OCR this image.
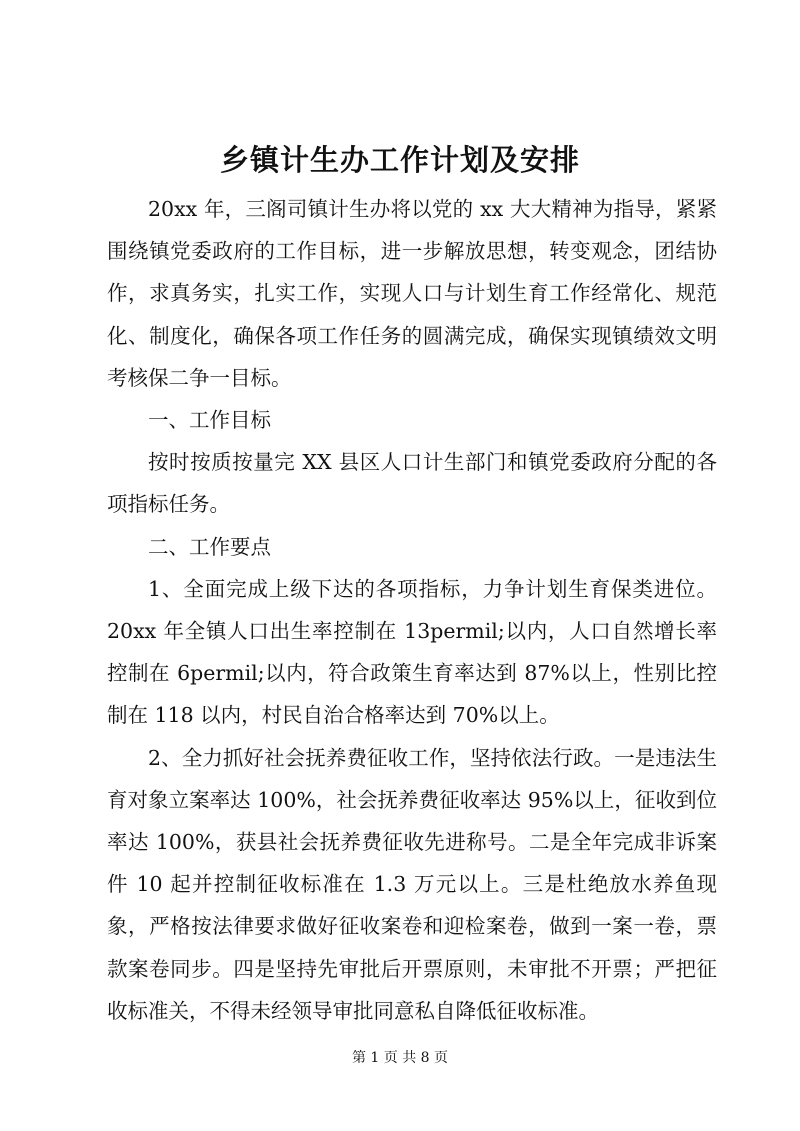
乡镇计生办工作计划及安排

20xx 年，三阁司镇计生办将以党的 xx 大大精神为指导，紧紧围绕镇党委政府的工作目标，进一步解放思想，转变观念，团结协作，求真务实，扎实工作，实现人口与计划生育工作经常化、规范化、制度化，确保各项工作任务的圆满完成，确保实现镇绩效文明考核保二争一目标。

一、工作目标

按时按质按量完 XX 县区人口计生部门和镇党委政府分配的各项指标任务。

二、工作要点

1、全面完成上级下达的各项指标，力争计划生育保类进位。20xx 年全镇人口出生率控制在 13permil;以内，人口自然增长率控制在 6permil;以内，符合政策生育率达到 87%以上，性别比控制在 118 以内，村民自治合格率达到 70%以上。

2、全力抓好社会抚养费征收工作，坚持依法行政。一是违法生育对象立案率达 100%，社会抚养费征收率达 95%以上，征收到位率达 100%，获县社会抚养费征收先进称号。二是全年完成非诉案件 10 起并控制征收标准在 1.3 万元以上。三是杜绝放水养鱼现象，严格按法律要求做好征收案卷和迎检案卷，做到一案一卷，票款案卷同步。四是坚持先审批后开票原则，未审批不开票；严把征收标准关，不得未经领导审批同意私自降低征收标准。

第 1 页 共 8 页
